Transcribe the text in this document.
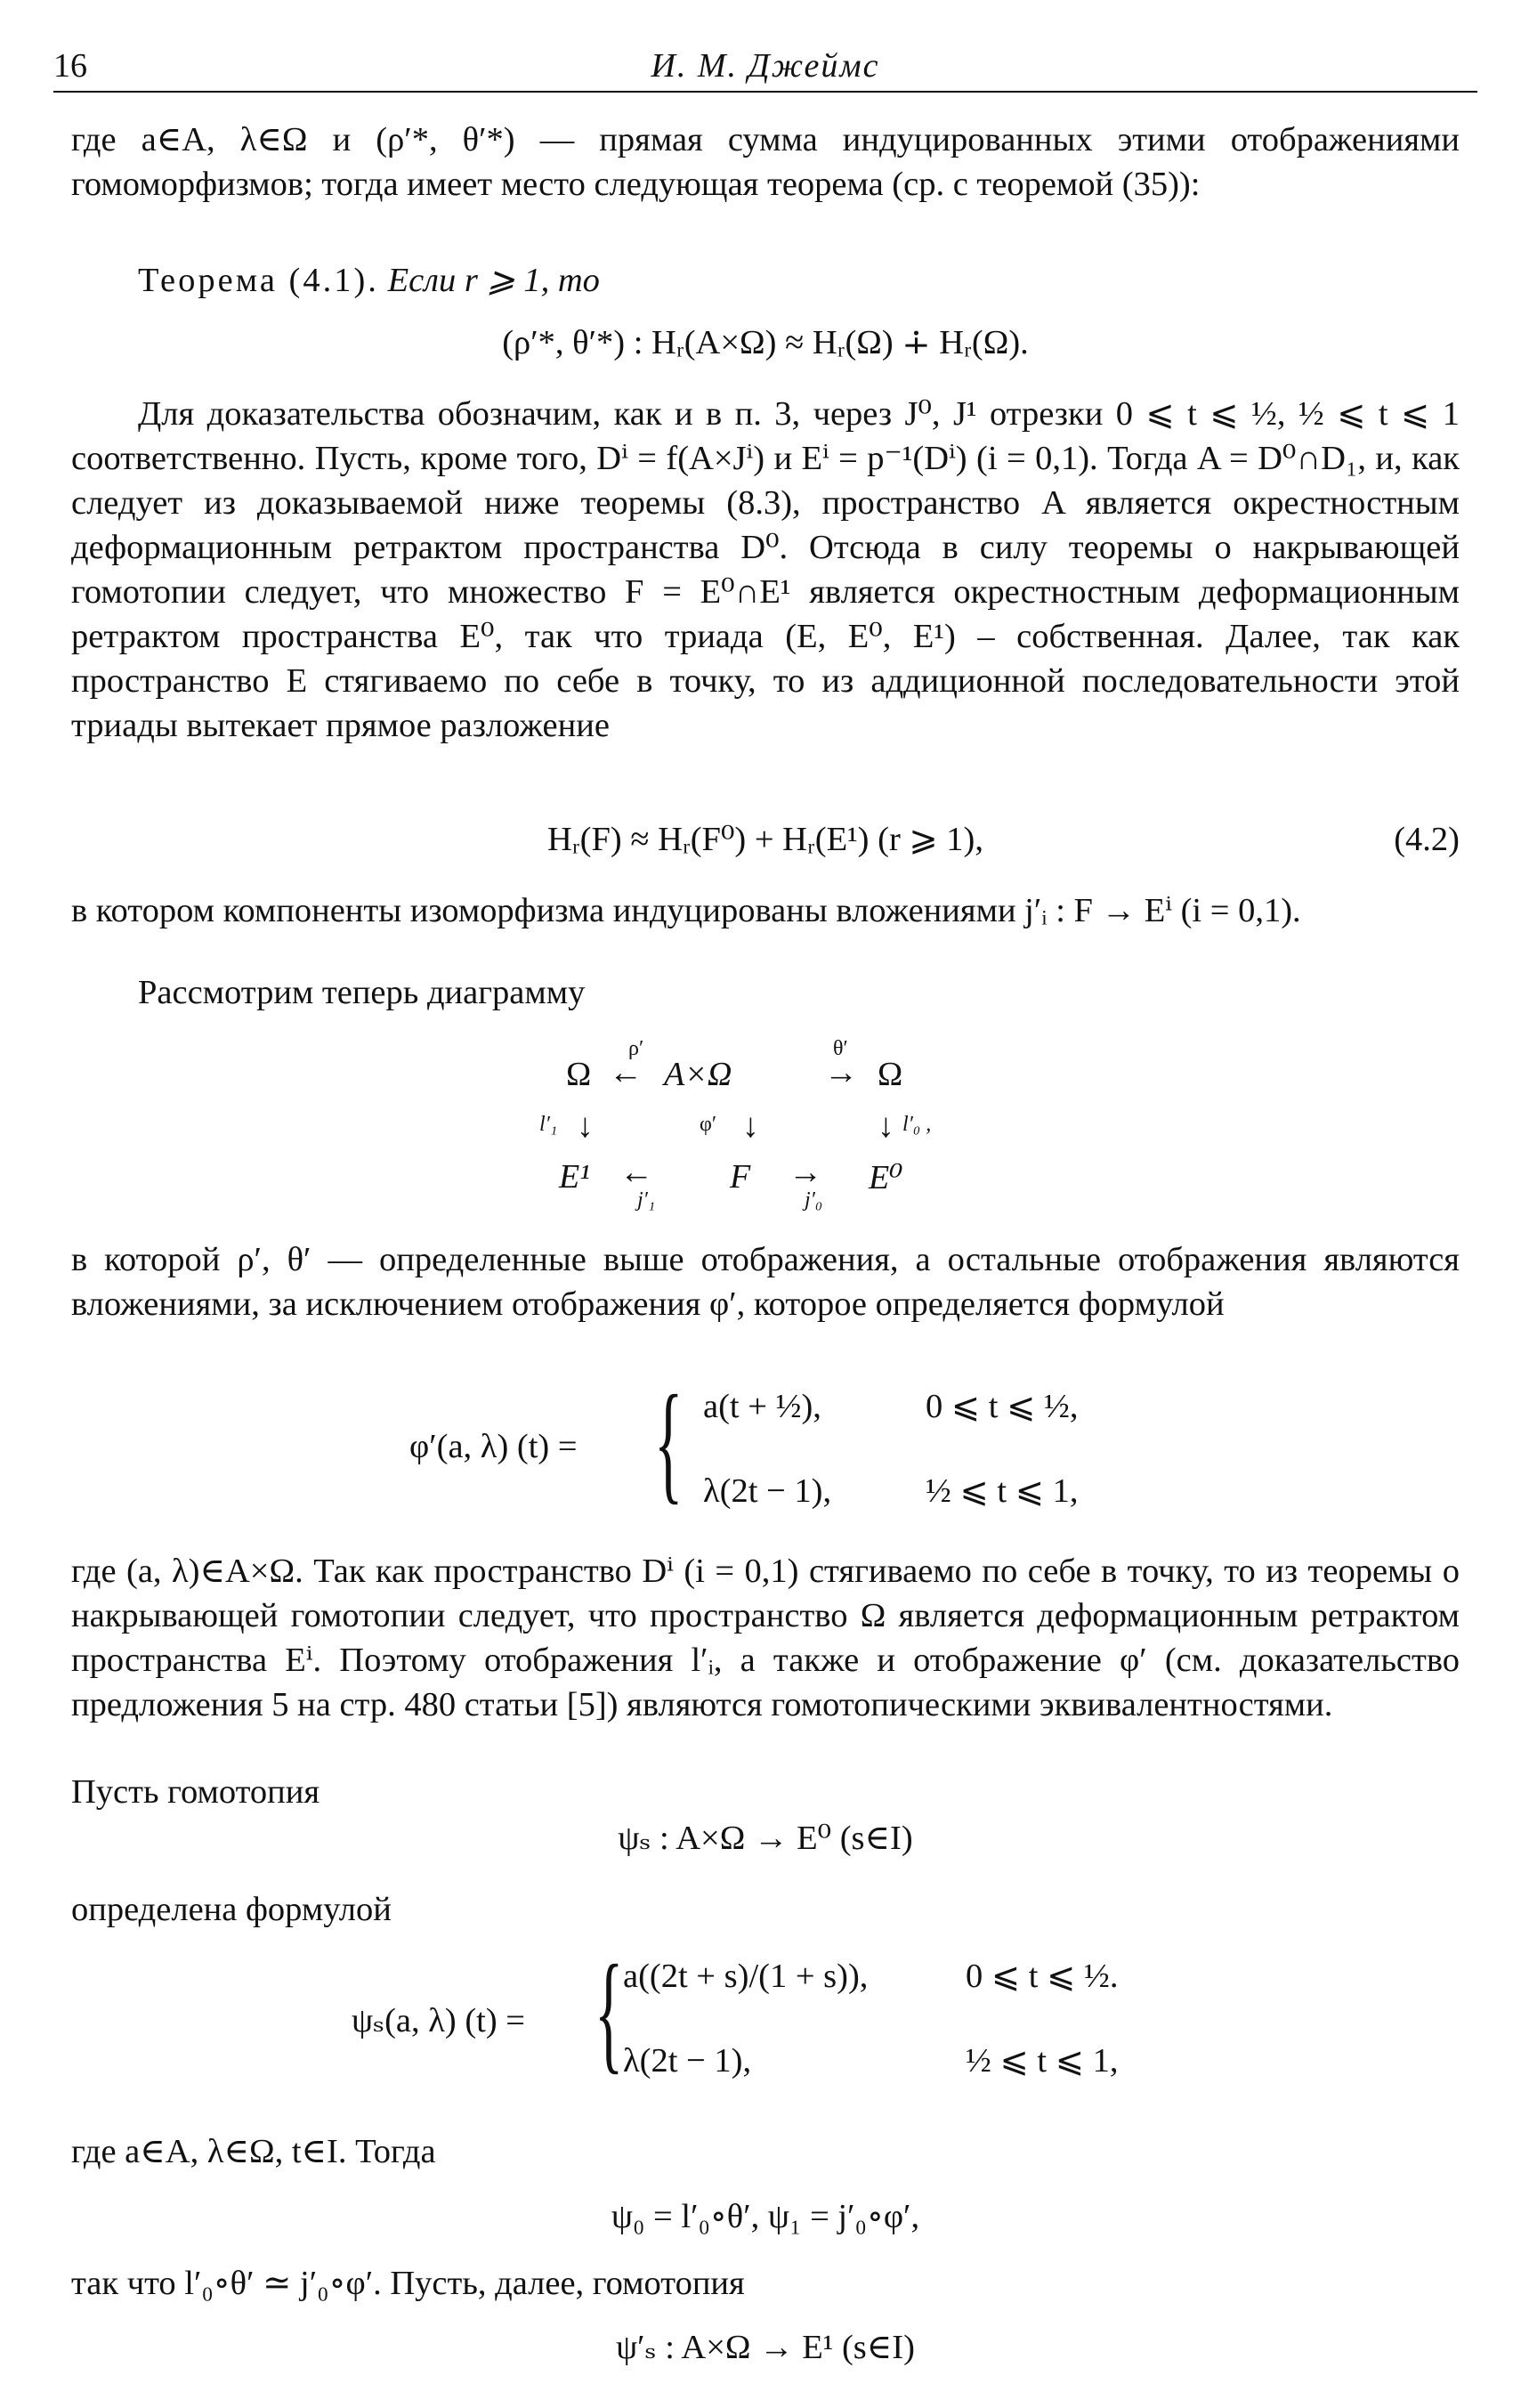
16	И. М. Джеймс

где a∈A, λ∈Ω и (ρ′*, θ′*) — прямая сумма индуцированных этими отображениями гомоморфизмов; тогда имеет место следующая теорема (ср. с теоремой (35)):

Теорема (4.1). Если r ⩾ 1, то
(ρ′*, θ′*) : Hᵣ(A×Ω) ≈ Hᵣ(Ω) ∔ Hᵣ(Ω).

Для доказательства обозначим, как и в п. 3, через J⁰, J¹ отрезки 0 ⩽ t ⩽ ½, ½ ⩽ t ⩽ 1 соответственно. Пусть, кроме того, Dⁱ = f(A×Jⁱ) и Eⁱ = p⁻¹(Dⁱ) (i = 0,1). Тогда A = D⁰∩D₁, и, как следует из доказываемой ниже теоремы (8.3), пространство A является окрестностным деформационным ретрактом пространства D⁰. Отсюда в силу теоремы о накрывающей гомотопии следует, что множество F = E⁰∩E¹ является окрестностным деформационным ретрактом пространства E⁰, так что триада (E, E⁰, E¹) – собственная. Далее, так как пространство E стягиваемо по себе в точку, то из аддиционной последовательности этой триады вытекает прямое разложение

Hᵣ(F) ≈ Hᵣ(F⁰) + Hᵣ(E¹) (r ⩾ 1),	(4.2)

в котором компоненты изоморфизма индуцированы вложениями j′ᵢ : F → Eⁱ (i = 0,1).

Рассмотрим теперь диаграмму

Ω
ρ′
← A×Ω
θ′
→ Ω
l′₁ ↓	φ′ ↓	↓ l′₀ ,
E¹ ←
j′₁
F →
j′₀
E⁰

в которой ρ′, θ′ — определенные выше отображения, а остальные отображения являются вложениями, за исключением отображения φ′, которое определяется формулой

φ′(a, λ) (t) = { a(t + ½),	0 ⩽ t ⩽ ½,
λ(2t − 1),	½ ⩽ t ⩽ 1,

где (a, λ)∈A×Ω. Так как пространство Dⁱ (i = 0,1) стягиваемо по себе в точку, то из теоремы о накрывающей гомотопии следует, что пространство Ω является деформационным ретрактом пространства Eⁱ. Поэтому отображения l′ᵢ, а также и отображение φ′ (см. доказательство предложения 5 на стр. 480 статьи [5]) являются гомотопическими эквивалентностями.

Пусть гомотопия
ψₛ : A×Ω → E⁰ (s∈I)
определена формулой
ψₛ(a, λ) (t) = { a((2t + s)/(1 + s)),	0 ⩽ t ⩽ ½.
λ(2t − 1),	½ ⩽ t ⩽ 1,
где a∈A, λ∈Ω, t∈I. Тогда
ψ₀ = l′₀∘θ′, ψ₁ = j′₀∘φ′,
так что l′₀∘θ′ ≃ j′₀∘φ′. Пусть, далее, гомотопия
ψ′ₛ : A×Ω → E¹ (s∈I)
